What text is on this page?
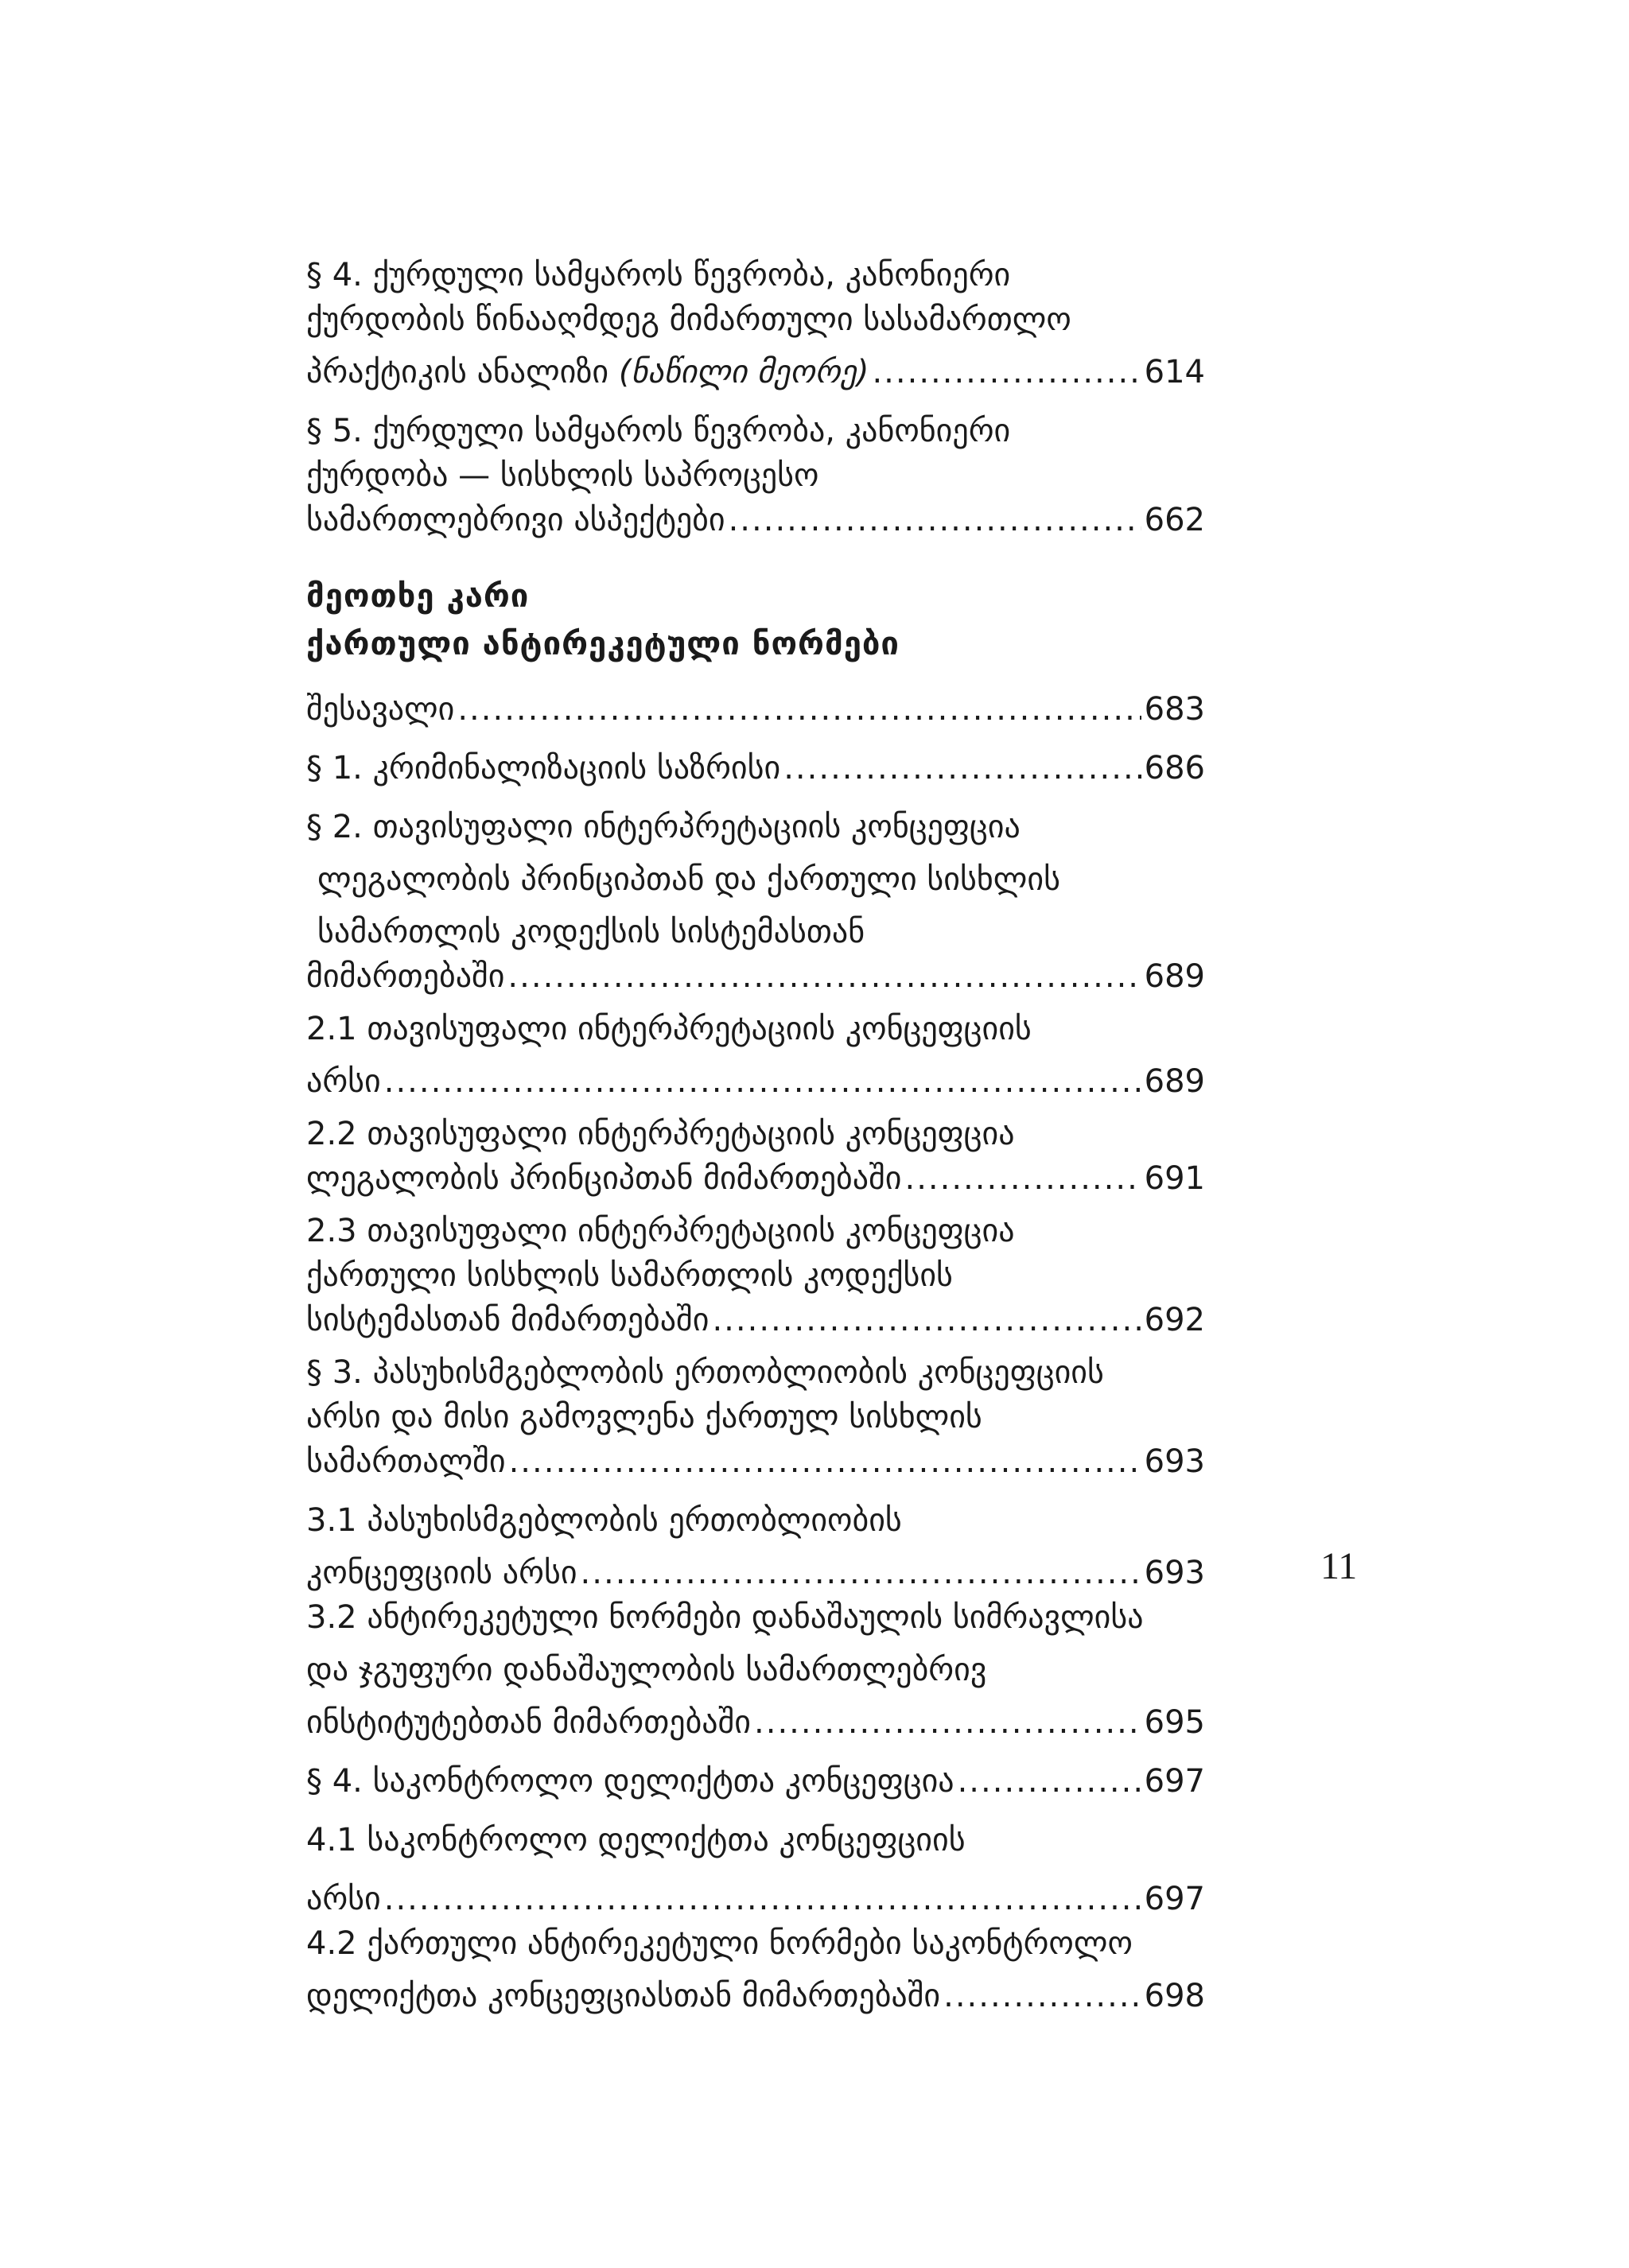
§ 4. ქურდული სამყაროს წევრობა, კანონიერი
ქურდობის წინააღმდეგ მიმართული სასამართლო
პრაქტიკის ანალიზი (ნაწილი მეორე) .....	614
§ 5. ქურდული სამყაროს წევრობა, კანონიერი
ქურდობა — სისხლის საპროცესო
სამართლებრივი ასპექტები .....	662
მეოთხე კარი
ქართული ანტირეკეტული ნორმები
შესავალი .....	683
§ 1. კრიმინალიზაციის საზრისი .....	686
§ 2. თავისუფალი ინტერპრეტაციის კონცეფცია
ლეგალობის პრინციპთან და ქართული სისხლის
სამართლის კოდექსის სისტემასთან
მიმართებაში .....	689
2.1 თავისუფალი ინტერპრეტაციის კონცეფციის
არსი .....	689
2.2 თავისუფალი ინტერპრეტაციის კონცეფცია
ლეგალობის პრინციპთან მიმართებაში .....	691
2.3 თავისუფალი ინტერპრეტაციის კონცეფცია
ქართული სისხლის სამართლის კოდექსის
სისტემასთან მიმართებაში .....	692
§ 3. პასუხისმგებლობის ერთობლიობის კონცეფციის
არსი და მისი გამოვლენა ქართულ სისხლის
სამართალში .....	693
3.1 პასუხისმგებლობის ერთობლიობის
კონცეფციის არსი .....	693
3.2 ანტირეკეტული ნორმები დანაშაულის სიმრავლისა
და ჯგუფური დანაშაულობის სამართლებრივ
ინსტიტუტებთან მიმართებაში .....	695
§ 4. საკონტროლო დელიქტთა კონცეფცია .....	697
4.1 საკონტროლო დელიქტთა კონცეფციის
არსი .....	697
4.2 ქართული ანტირეკეტული ნორმები საკონტროლო
დელიქტთა კონცეფციასთან მიმართებაში .....	698
11
